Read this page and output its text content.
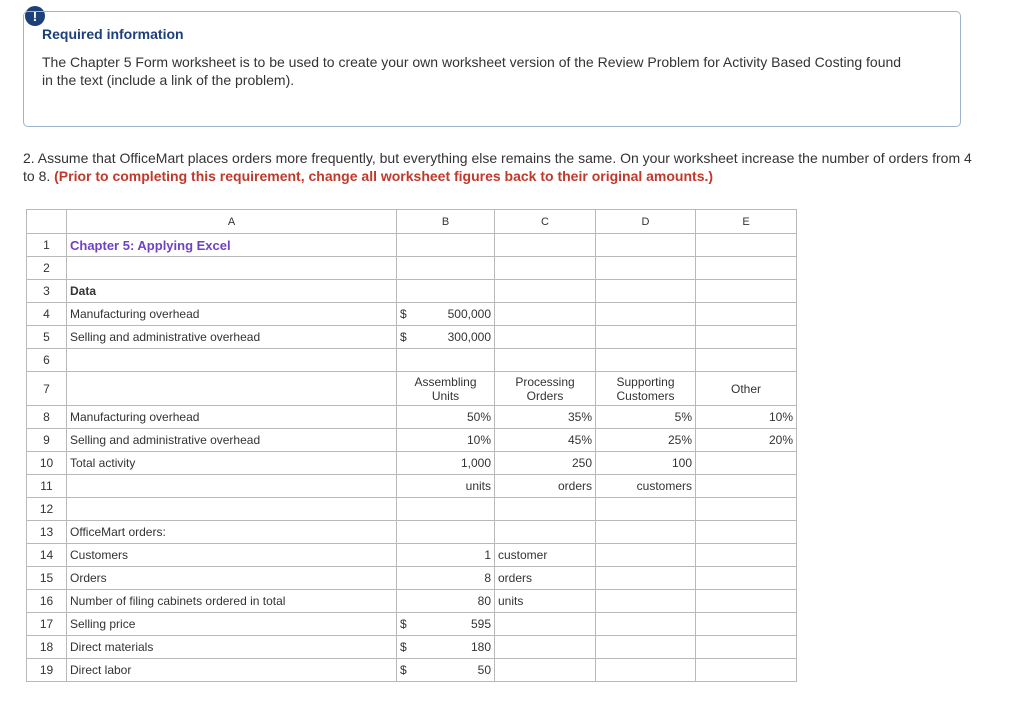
!
Required information
The Chapter 5 Form worksheet is to be used to create your own worksheet version of the Review Problem for Activity Based Costing found in the text (include a link of the problem).
2. Assume that OfficeMart places orders more frequently, but everything else remains the same. On your worksheet increase the number of orders from 4 to 8. (Prior to completing this requirement, change all worksheet figures back to their original amounts.)
	A	B	C	D	E
1	Chapter 5: Applying Excel				
2					
3	Data				
4	Manufacturing overhead	$ 500,000			

5	Selling and administrative overhead	$ 300,000			

6					
7		Assembling Units	Processing Orders	Supporting Customers	Other
8	Manufacturing overhead	50%	35%	5%	10%
9	Selling and administrative overhead	10%	45%	25%	20%
10	Total activity	1,000	250	100	
11		units	orders	customers	
12					
13	OfficeMart orders:				
14	Customers	1	customer		
15	Orders	8	orders		
16	Number of filing cabinets ordered in total	80	units		
17	Selling price	$ 595			

18	Direct materials	$ 180			

19	Direct labor	$ 50			
